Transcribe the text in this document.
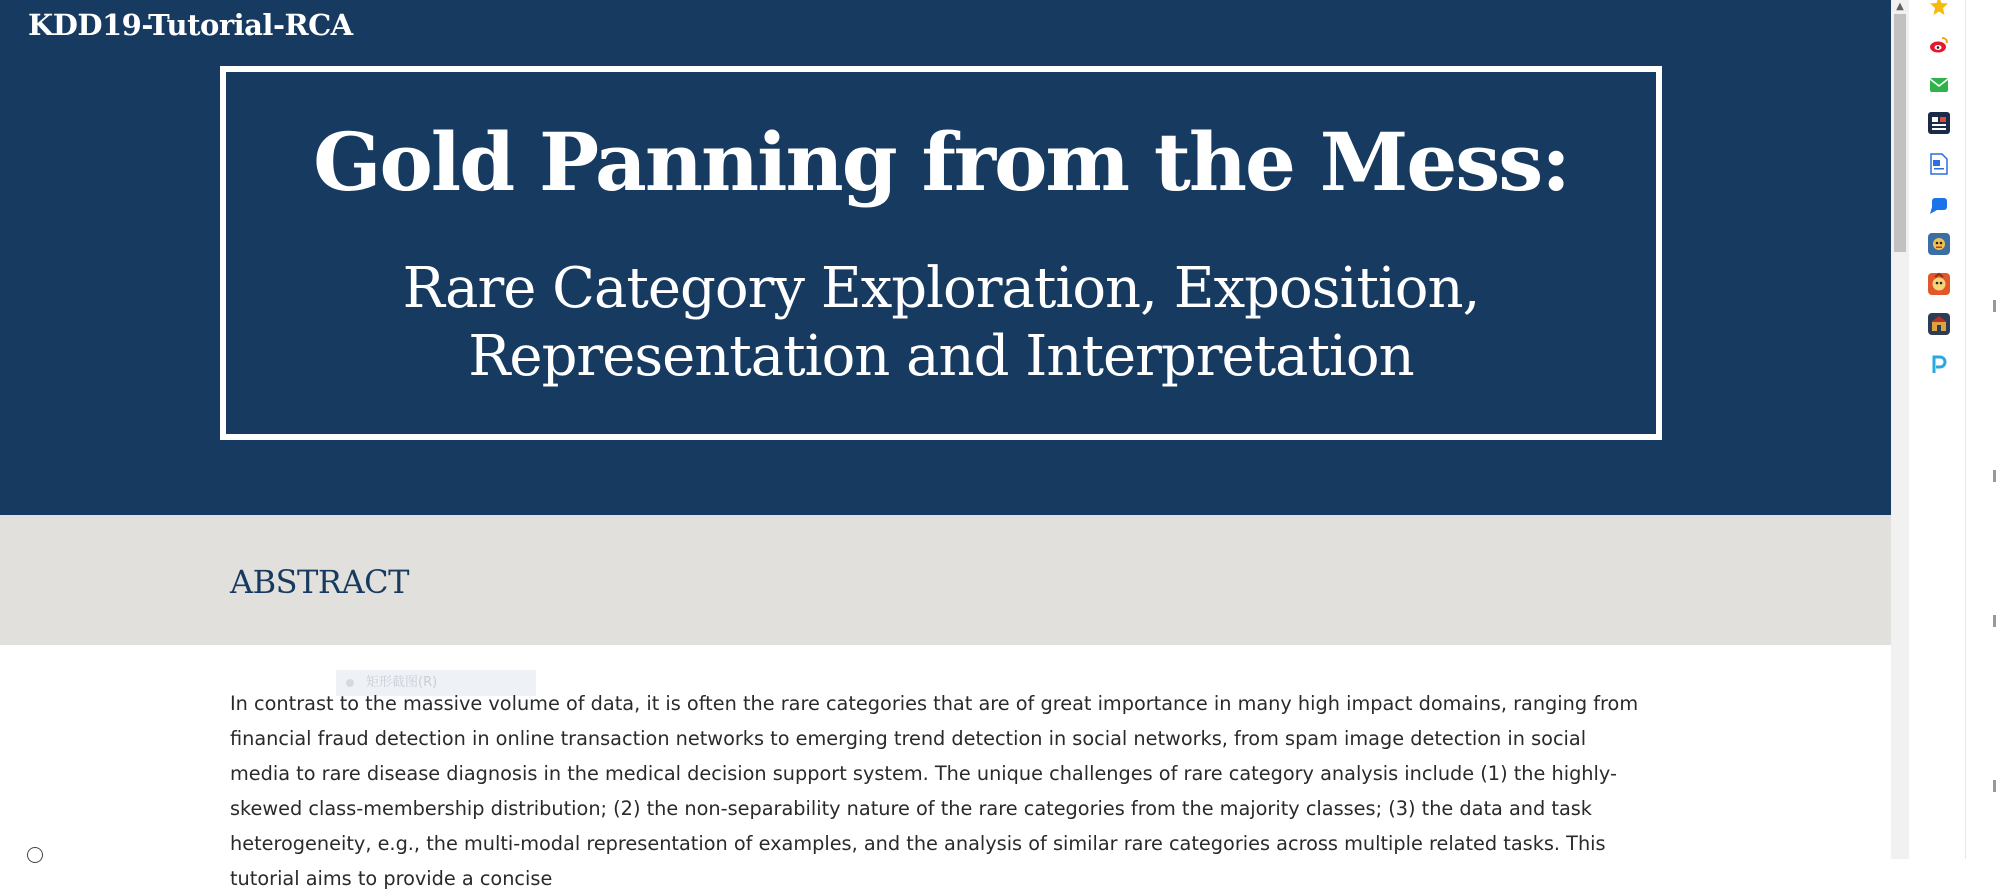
KDD19-Tutorial-RCA
Gold Panning from the Mess:
Rare Category Exploration, Exposition,
Representation and Interpretation
ABSTRACT
矩形截图(R)

In contrast to the massive volume of data, it is often the rare categories that are of great importance in many high impact domains, ranging from financial fraud detection in online transaction networks to emerging trend detection in social networks, from spam image detection in social media to rare disease diagnosis in the medical decision support system. The unique challenges of rare category analysis include (1) the highly-skewed class-membership distribution; (2) the non-separability nature of the rare categories from the majority classes; (3) the data and task heterogeneity, e.g., the multi-modal representation of examples, and the analysis of similar rare categories across multiple related tasks. This tutorial aims to provide a concise

▲
